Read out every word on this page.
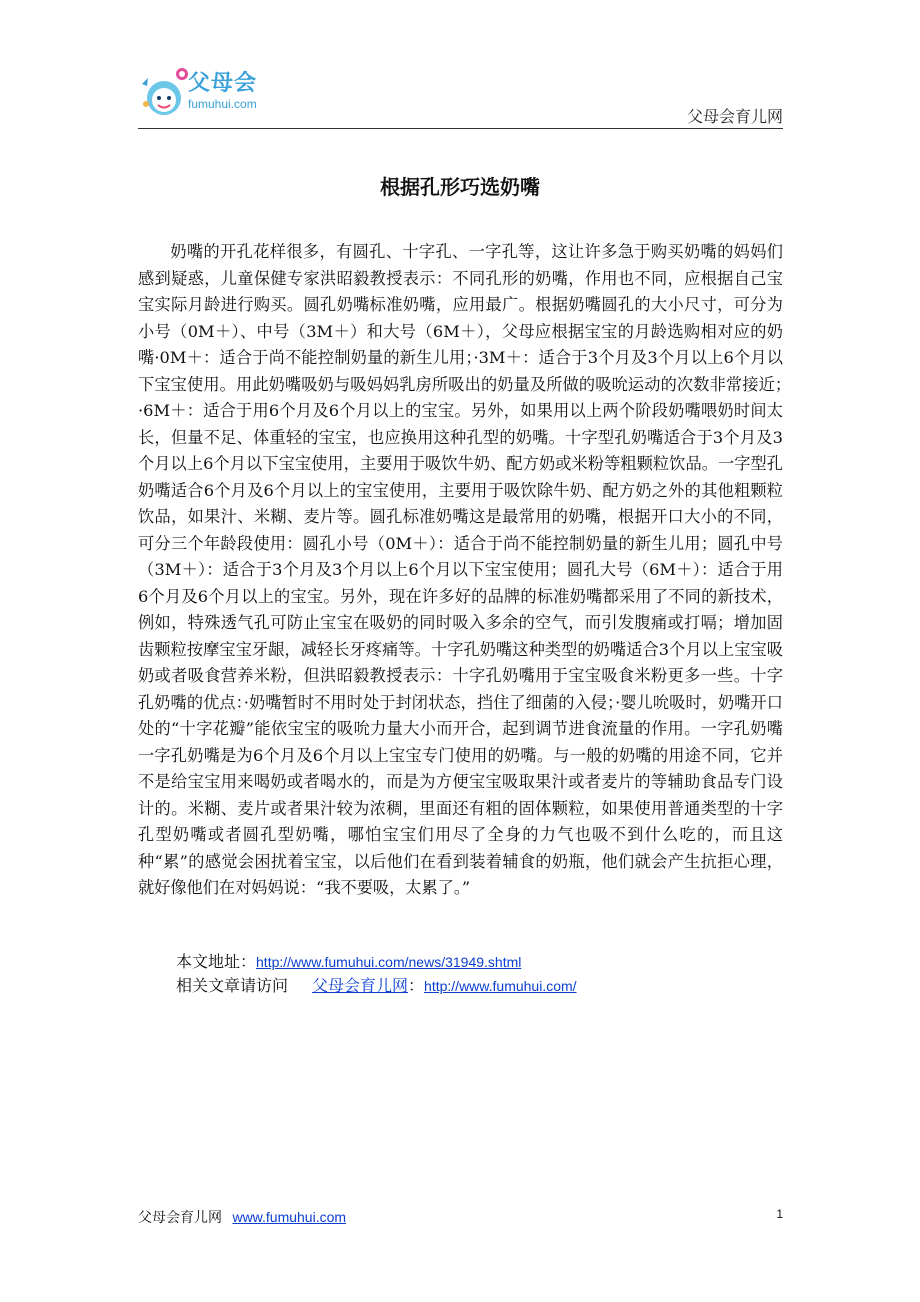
父母会
fumuhui.com
父母会育儿网
根据孔形巧选奶嘴

奶嘴的开孔花样很多，有圆孔、十字孔、一字孔等，这让许多急于购买奶嘴的妈妈们感到疑惑，儿童保健专家洪昭毅教授表示：不同孔形的奶嘴，作用也不同，应根据自己宝宝实际月龄进行购买。圆孔奶嘴标准奶嘴，应用最广。根据奶嘴圆孔的大小尺寸，可分为小号（0M＋）、中号（3M＋）和大号（6M＋），父母应根据宝宝的月龄选购相对应的奶嘴·0M＋：适合于尚不能控制奶量的新生儿用；·3M＋：适合于3个月及3个月以上6个月以下宝宝使用。用此奶嘴吸奶与吸妈妈乳房所吸出的奶量及所做的吸吮运动的次数非常接近；·6M＋：适合于用6个月及6个月以上的宝宝。另外，如果用以上两个阶段奶嘴喂奶时间太长，但量不足、体重轻的宝宝，也应换用这种孔型的奶嘴。十字型孔奶嘴适合于3个月及3个月以上6个月以下宝宝使用，主要用于吸饮牛奶、配方奶或米粉等粗颗粒饮品。一字型孔奶嘴适合6个月及6个月以上的宝宝使用，主要用于吸饮除牛奶、配方奶之外的其他粗颗粒饮品，如果汁、米糊、麦片等。圆孔标准奶嘴这是最常用的奶嘴，根据开口大小的不同，可分三个年龄段使用：圆孔小号（0M＋）：适合于尚不能控制奶量的新生儿用；圆孔中号（3M＋）：适合于3个月及3个月以上6个月以下宝宝使用；圆孔大号（6M＋）：适合于用6个月及6个月以上的宝宝。另外，现在许多好的品牌的标准奶嘴都采用了不同的新技术，例如，特殊透气孔可防止宝宝在吸奶的同时吸入多余的空气，而引发腹痛或打嗝；增加固齿颗粒按摩宝宝牙龈，减轻长牙疼痛等。十字孔奶嘴这种类型的奶嘴适合3个月以上宝宝吸奶或者吸食营养米粉，但洪昭毅教授表示：十字孔奶嘴用于宝宝吸食米粉更多一些。十字孔奶嘴的优点：·奶嘴暂时不用时处于封闭状态，挡住了细菌的入侵；·婴儿吮吸时，奶嘴开口处的“十字花瓣”能依宝宝的吸吮力量大小而开合，起到调节进食流量的作用。一字孔奶嘴一字孔奶嘴是为6个月及6个月以上宝宝专门使用的奶嘴。与一般的奶嘴的用途不同，它并不是给宝宝用来喝奶或者喝水的，而是为方便宝宝吸取果汁或者麦片的等辅助食品专门设计的。米糊、麦片或者果汁较为浓稠，里面还有粗的固体颗粒，如果使用普通类型的十字孔型奶嘴或者圆孔型奶嘴，哪怕宝宝们用尽了全身的力气也吸不到什么吃的，而且这种“累”的感觉会困扰着宝宝，以后他们在看到装着辅食的奶瓶，他们就会产生抗拒心理，就好像他们在对妈妈说：“我不要吸，太累了。”

本文地址：http://www.fumuhui.com/news/31949.shtml
相关文章请访问 父母会育儿网：http://www.fumuhui.com/
父母会育儿网 www.fumuhui.com	1
